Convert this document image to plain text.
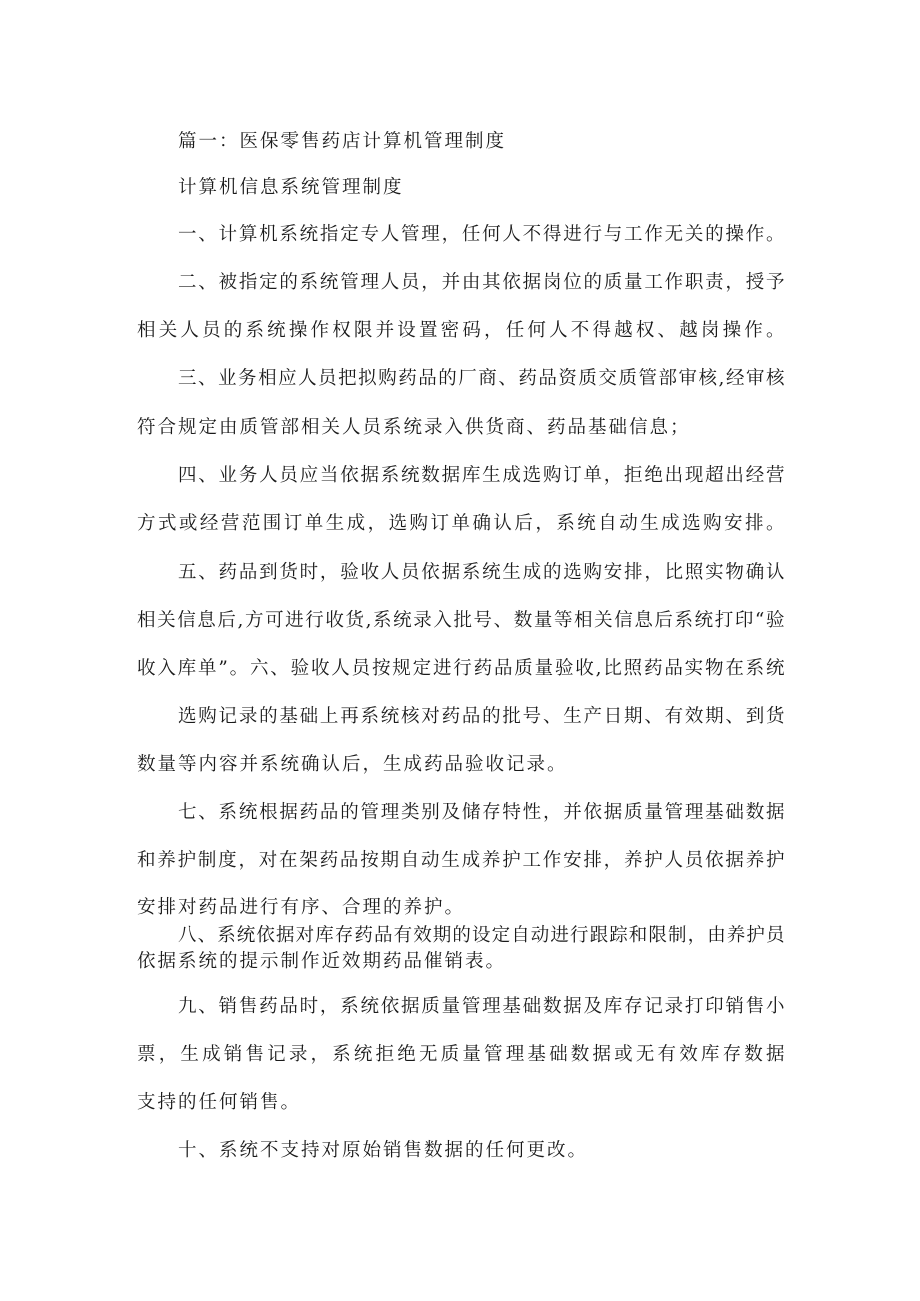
篇一：医保零售药店计算机管理制度

计算机信息系统管理制度

一、计算机系统指定专人管理，任何人不得进行与工作无关的操作。

二、被指定的系统管理人员，并由其依据岗位的质量工作职责，授予

相关人员的系统操作权限并设置密码，任何人不得越权、越岗操作。

三、业务相应人员把拟购药品的厂商、药品资质交质管部审核,经审核

符合规定由质管部相关人员系统录入供货商、药品基础信息；

四、业务人员应当依据系统数据库生成选购订单，拒绝出现超出经营

方式或经营范围订单生成，选购订单确认后，系统自动生成选购安排。

五、药品到货时，验收人员依据系统生成的选购安排，比照实物确认

相关信息后,方可进行收货,系统录入批号、数量等相关信息后系统打印“验

收入库单”。六、验收人员按规定进行药品质量验收,比照药品实物在系统

选购记录的基础上再系统核对药品的批号、生产日期、有效期、到货

数量等内容并系统确认后，生成药品验收记录。

七、系统根据药品的管理类别及储存特性，并依据质量管理基础数据

和养护制度，对在架药品按期自动生成养护工作安排，养护人员依据养护

安排对药品进行有序、合理的养护。

八、系统依据对库存药品有效期的设定自动进行跟踪和限制，由养护员

依据系统的提示制作近效期药品催销表。

九、销售药品时，系统依据质量管理基础数据及库存记录打印销售小

票，生成销售记录，系统拒绝无质量管理基础数据或无有效库存数据

支持的任何销售。

十、系统不支持对原始销售数据的任何更改。
